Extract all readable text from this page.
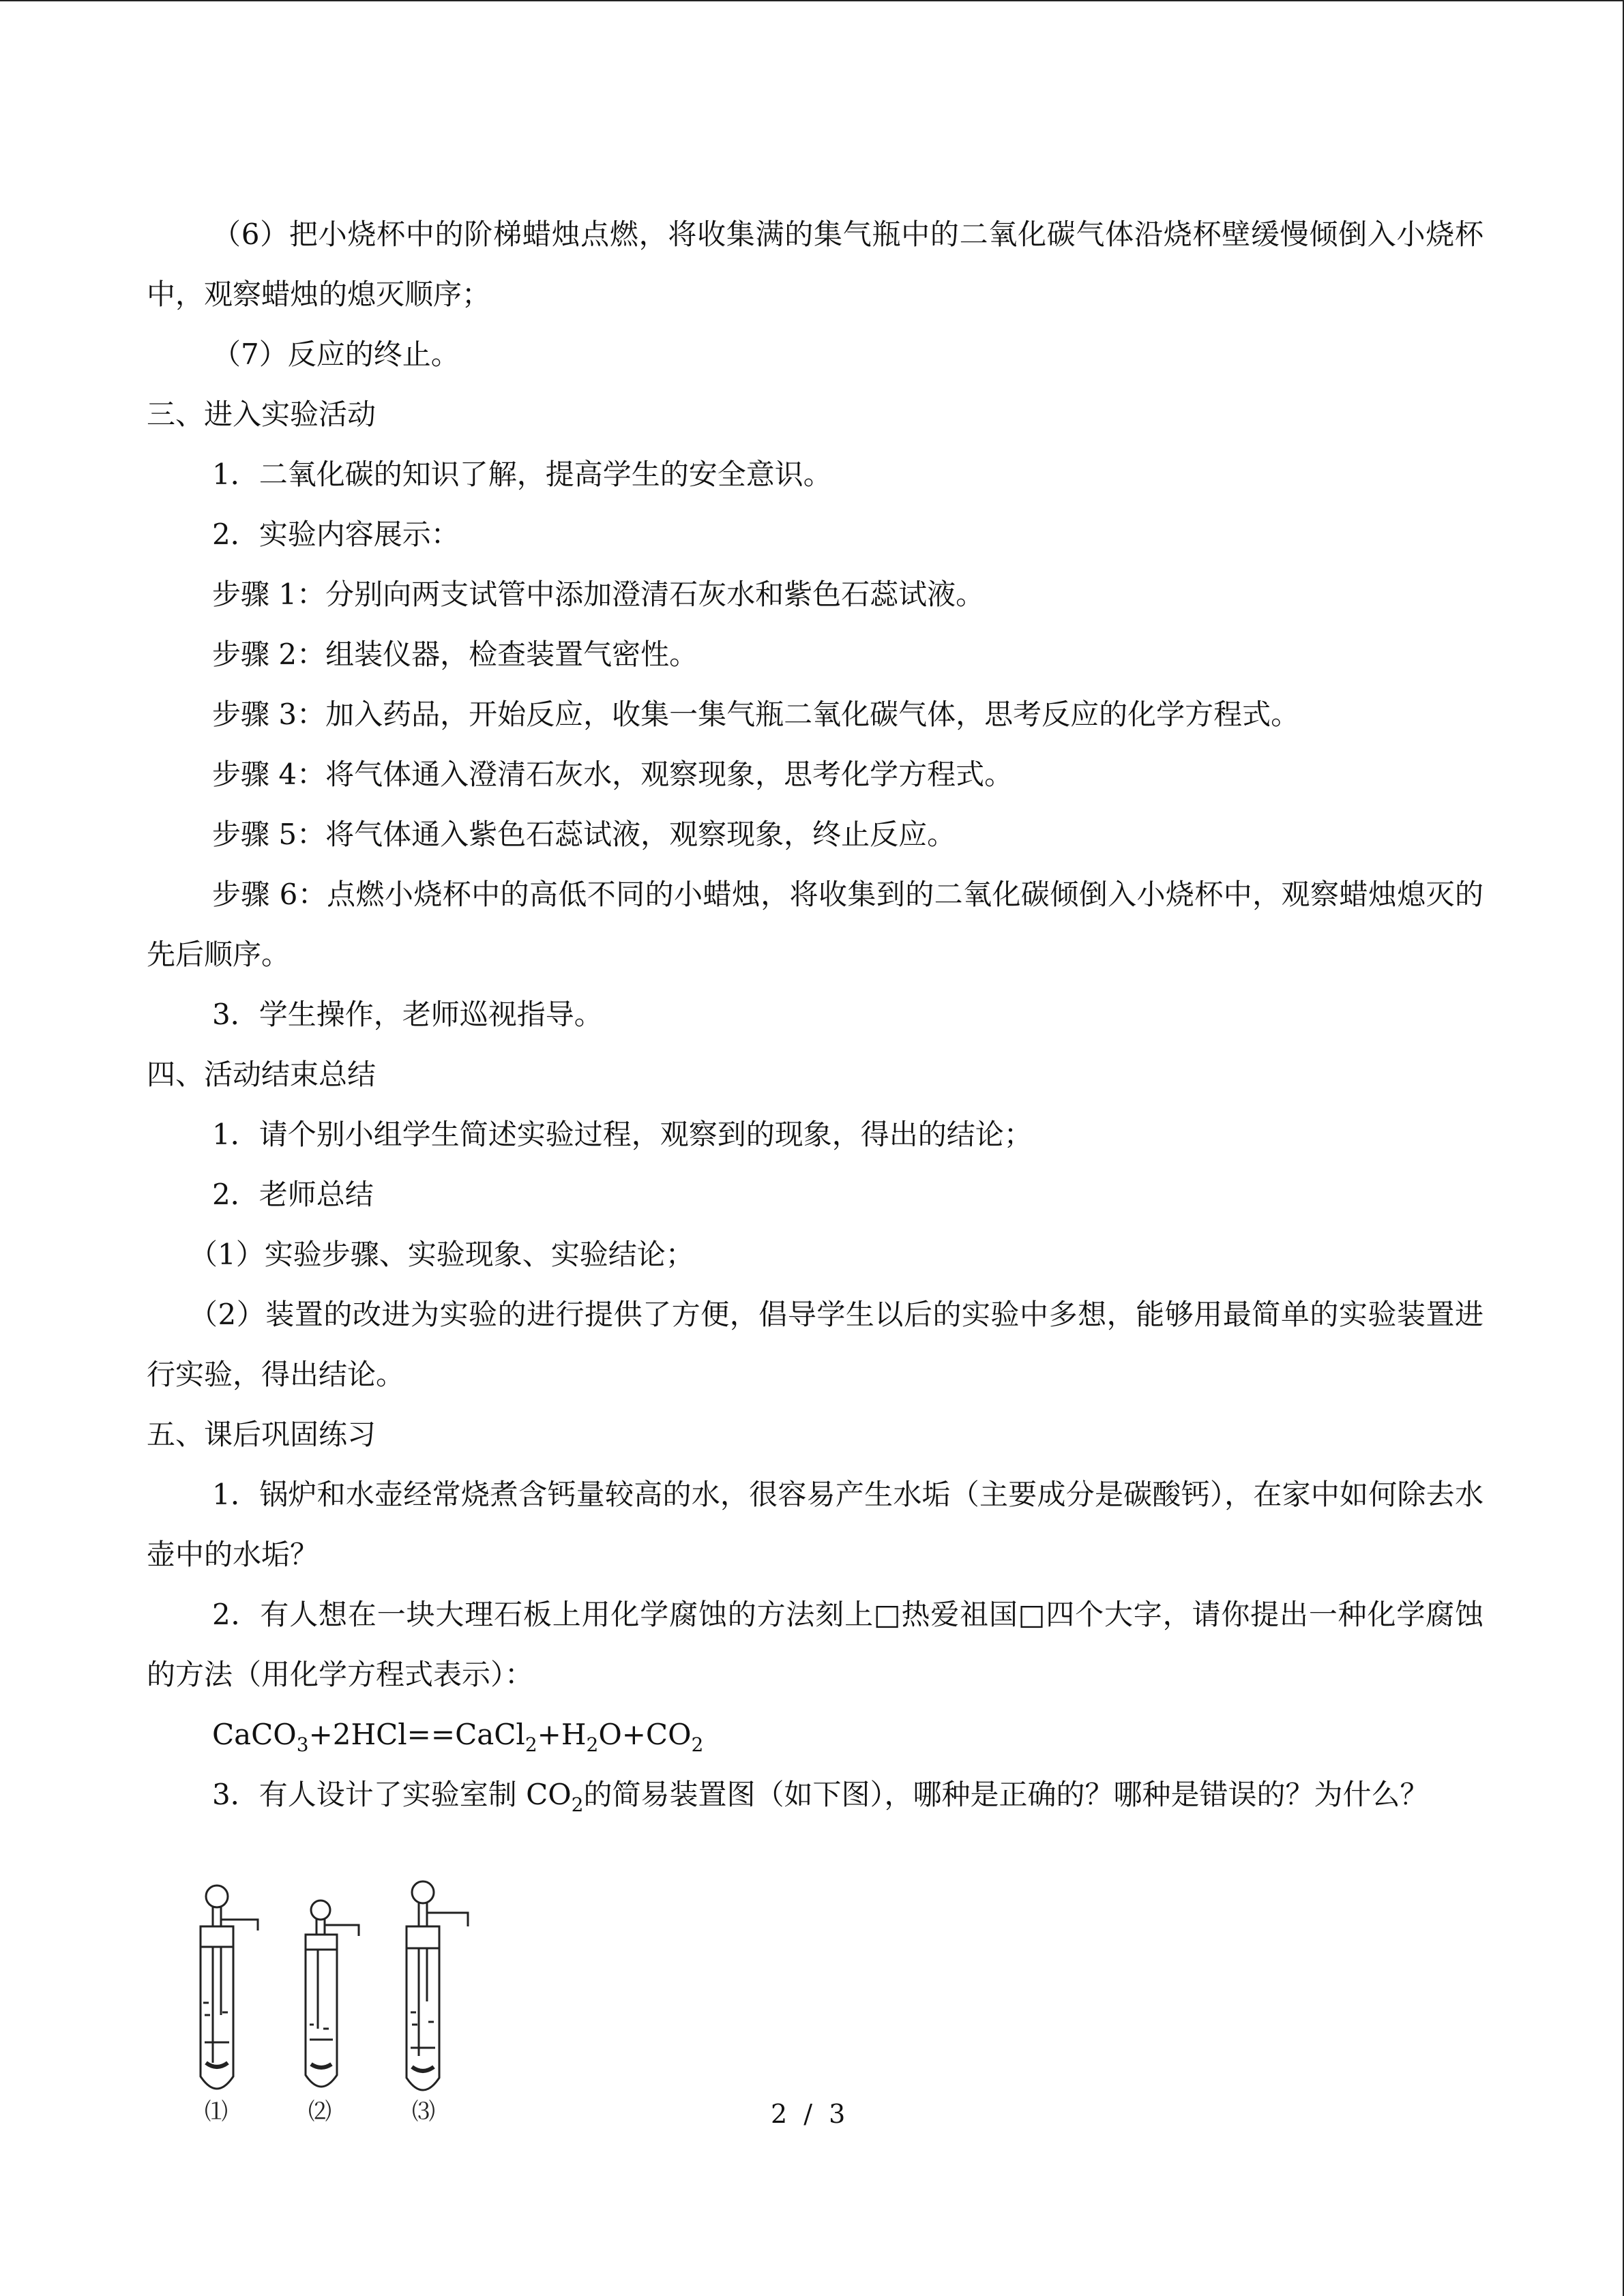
（6）把小烧杯中的阶梯蜡烛点燃，将收集满的集气瓶中的二氧化碳气体沿烧杯壁缓慢倾倒入小烧杯中，观察蜡烛的熄灭顺序；

（7）反应的终止。

三、进入实验活动

1．二氧化碳的知识了解，提高学生的安全意识。

2．实验内容展示：

步骤 1：分别向两支试管中添加澄清石灰水和紫色石蕊试液。

步骤 2：组装仪器，检查装置气密性。

步骤 3：加入药品，开始反应，收集一集气瓶二氧化碳气体，思考反应的化学方程式。

步骤 4：将气体通入澄清石灰水，观察现象，思考化学方程式。

步骤 5：将气体通入紫色石蕊试液，观察现象，终止反应。

步骤 6：点燃小烧杯中的高低不同的小蜡烛，将收集到的二氧化碳倾倒入小烧杯中，观察蜡烛熄灭的先后顺序。

3．学生操作，老师巡视指导。

四、活动结束总结

1．请个别小组学生简述实验过程，观察到的现象，得出的结论；

2．老师总结

（1）实验步骤、实验现象、实验结论；

（2）装置的改进为实验的进行提供了方便，倡导学生以后的实验中多想，能够用最简单的实验装置进行实验，得出结论。

五、课后巩固练习

1．锅炉和水壶经常烧煮含钙量较高的水，很容易产生水垢（主要成分是碳酸钙），在家中如何除去水壶中的水垢？

2．有人想在一块大理石板上用化学腐蚀的方法刻上□热爱祖国□四个大字，请你提出一种化学腐蚀的方法（用化学方程式表示）：

$CaCO_3+2HCl==CaCl_2+H_2O+CO_2$

3．有人设计了实验室制 $CO_2$的简易装置图（如下图），哪种是正确的？哪种是错误的？为什么？

⑴	⑵	⑶	2 / 3
